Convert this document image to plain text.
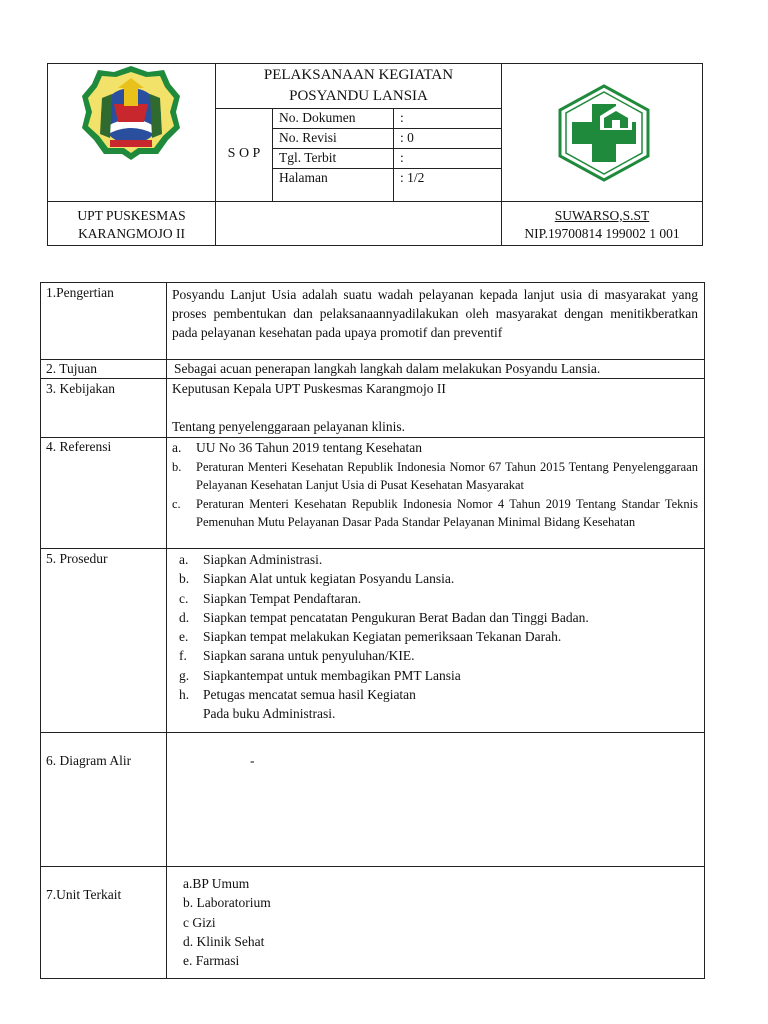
PELAKSANAAN KEGIATAN
POSYANDU LANSIA
S O P
No. Dokumen	:
No. Revisi	: 0
Tgl. Terbit	:
Halaman	: 1/2
UPT PUSKESMAS
KARANGMOJO II
SUWARSO,S.ST
NIP.19700814 199002 1 001
1.Pengertian	Posyandu Lanjut Usia adalah suatu wadah pelayanan kepada lanjut usia di masyarakat yang proses pembentukan dan pelaksanaannyadilakukan oleh masyarakat dengan menitikberatkan pada pelayanan kesehatan pada upaya promotif dan preventif
2. Tujuan	Sebagai acuan penerapan langkah langkah dalam melakukan Posyandu Lansia.
3. Kebijakan	Keputusan Kepala UPT Puskesmas Karangmojo II
Tentang penyelenggaraan pelayanan klinis.
4. Referensi	a. UU No 36 Tahun 2019 tentang Kesehatan
b. Peraturan Menteri Kesehatan Republik Indonesia Nomor 67 Tahun 2015 Tentang Penyelenggaraan Pelayanan Kesehatan Lanjut Usia di Pusat Kesehatan Masyarakat
c. Peraturan Menteri Kesehatan Republik Indonesia Nomor 4 Tahun 2019 Tentang Standar Teknis Pemenuhan Mutu Pelayanan Dasar Pada Standar Pelayanan Minimal Bidang Kesehatan
5. Prosedur	a. Siapkan Administrasi.
b. Siapkan Alat untuk kegiatan Posyandu Lansia.
c. Siapkan Tempat Pendaftaran.
d. Siapkan tempat pencatatan Pengukuran Berat Badan dan Tinggi Badan.
e. Siapkan tempat melakukan Kegiatan pemeriksaan Tekanan Darah.
f. Siapkan sarana untuk penyuluhan/KIE.
g. Siapkantempat untuk membagikan PMT Lansia
h. Petugas mencatat semua hasil Kegiatan
Pada buku Administrasi.
6. Diagram Alir	-
7.Unit Terkait
a.BP Umum
b. Laboratorium
c Gizi
d. Klinik Sehat
e. Farmasi
